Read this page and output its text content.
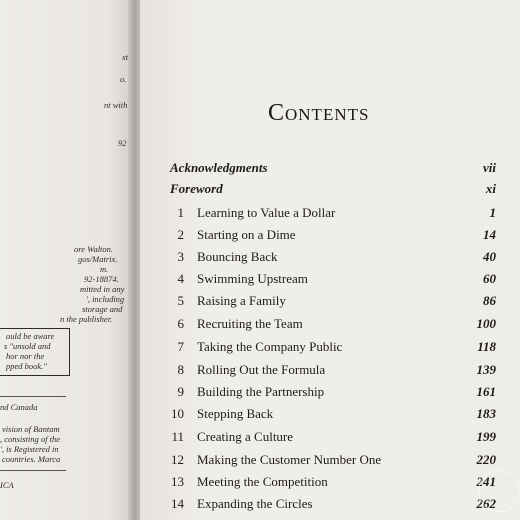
xt
o.
nt with
92
ore Walton.
gos/Matrix.
m.
92-18874.
mitted in any
', including
storage and
n the publisher.
ould be aware
s "unsold and
hor nor the
pped book."
nd Canada
vision of Bantam
, consisting of the
', is Registered in
countries. Marca
ICA
Contents
Acknowledgments	vii
Foreword	xi
1 Learning to Value a Dollar	1
2 Starting on a Dime	14
3 Bouncing Back	40
4 Swimming Upstream	60
5 Raising a Family	86
6 Recruiting the Team	100
7 Taking the Company Public	118
8 Rolling Out the Formula	139
9 Building the Partnership	161
10 Stepping Back	183
11 Creating a Culture	199
12 Making the Customer Number One	220
13 Meeting the Competition	241
14 Expanding the Circles	262
